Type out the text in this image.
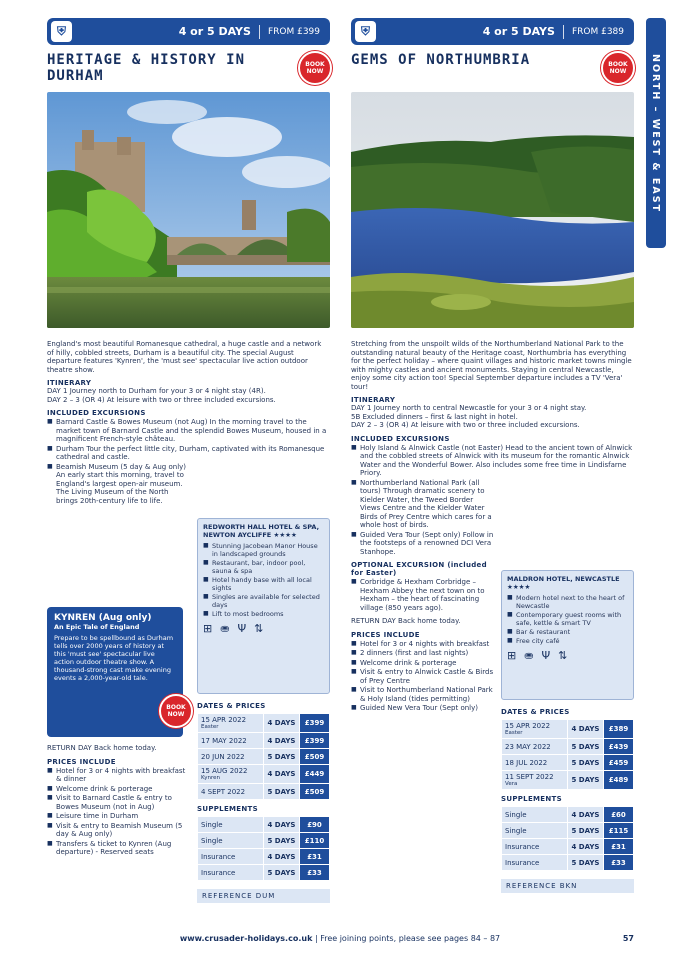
⛨	4 or 5 DAYS FROM £399
HERITAGE & HISTORY IN DURHAM
BOOK NOW

England's most beautiful Romanesque cathedral, a huge castle and a network of hilly, cobbled streets, Durham is a beautiful city. The special August departure features 'Kynren', the 'must see' spectacular live action outdoor theatre show.

ITINERARY

DAY 1 Journey north to Durham for your 3 or 4 night stay (4R).

DAY 2 – 3 (OR 4) At leisure with two or three included excursions.

INCLUDED EXCURSIONS
■ Barnard Castle & Bowes Museum (not Aug) In the morning travel to the market town of Barnard Castle and the splendid Bowes Museum, housed in a magnificent French-style château.
■ Durham Tour the perfect little city, Durham, captivated with its Romanesque cathedral and castle.
■ Beamish Museum (5 day & Aug only) An early start this morning, travel to England's largest open-air museum. The Living Museum of the North brings 20th-century life to life.
KYNREN (Aug only)
An Epic Tale of England
Prepare to be spellbound as Durham tells over 2000 years of history at this 'must see' spectacular live action outdoor theatre show. A thousand-strong cast make evening events a 2,000-year-old tale.
BOOK NOW

RETURN DAY Back home today.

PRICES INCLUDE
■ Hotel for 3 or 4 nights with breakfast & dinner
■ Welcome drink & porterage
■ Visit to Barnard Castle & entry to Bowes Museum (not in Aug)
■ Leisure time in Durham
■ Visit & entry to Beamish Museum (5 day & Aug only)
■ Transfers & ticket to Kynren (Aug departure) - Reserved seats
REDWORTH HALL HOTEL & SPA, NEWTON AYCLIFFE ★★★★
■ Stunning Jacobean Manor House in landscaped grounds
■ Restaurant, bar, indoor pool, sauna & spa
■ Hotel handy base with all local sights
■ Singles are available for selected days
■ Lift to most bedrooms
⊞ ⛂ Ψ ⇅
DATES & PRICES
15 APR 2022
Easter	4 DAYS	£399
17 MAY 2022	4 DAYS	£399
20 JUN 2022	5 DAYS	£509
15 AUG 2022
Kynren	4 DAYS	£449
4 SEPT 2022	5 DAYS	£509
SUPPLEMENTS
Single	4 DAYS	£90
Single	5 DAYS	£110
Insurance	4 DAYS	£31
Insurance	5 DAYS	£33
REFERENCE DUM
⛨	4 or 5 DAYS FROM £389
GEMS OF NORTHUMBRIA	BOOK NOW

Stretching from the unspoilt wilds of the Northumberland National Park to the outstanding natural beauty of the Heritage coast, Northumbria has everything for the perfect holiday – where quaint villages and historic market towns mingle with mighty castles and ancient monuments. Staying in central Newcastle, enjoy some city action too! Special September departure includes a TV 'Vera' tour!

ITINERARY

DAY 1 Journey north to central Newcastle for your 3 or 4 night stay.

5B Excluded dinners – first & last night in hotel.

DAY 2 – 3 (OR 4) At leisure with two or three included excursions.

INCLUDED EXCURSIONS
■ Holy Island & Alnwick Castle (not Easter) Head to the ancient town of Alnwick and the cobbled streets of Alnwick with its museum for the romantic Alnwick Water and the Wonderful Bower. Also includes some free time in Lindisfarne Priory.
■ Northumberland National Park (all tours) Through dramatic scenery to Kielder Water, the Tweed Border Views Centre and the Kielder Water Birds of Prey Centre which cares for a whole host of birds.
■ Guided Vera Tour (Sept only) Follow in the footsteps of a renowned DCI Vera Stanhope.
OPTIONAL EXCURSION (included for Easter)
■ Corbridge & Hexham Corbridge – Hexham Abbey the next town on to Hexham – the heart of fascinating village (850 years ago).

RETURN DAY Back home today.

PRICES INCLUDE
■ Hotel for 3 or 4 nights with breakfast
■ 2 dinners (first and last nights)
■ Welcome drink & porterage
■ Visit & entry to Alnwick Castle & Birds of Prey Centre
■ Visit to Northumberland National Park & Holy Island (tides permitting)
■ Guided New Vera Tour (Sept only)
MALDRON HOTEL, NEWCASTLE ★★★★
■ Modern hotel next to the heart of Newcastle
■ Contemporary guest rooms with safe, kettle & smart TV
■ Bar & restaurant
■ Free city café
⊞ ⛂ Ψ ⇅
DATES & PRICES
15 APR 2022
Easter	4 DAYS	£389
23 MAY 2022	5 DAYS	£439
18 JUL 2022	5 DAYS	£459
11 SEPT 2022
Vera	5 DAYS	£489
SUPPLEMENTS
Single	4 DAYS	£60
Single	5 DAYS	£115
Insurance	4 DAYS	£31
Insurance	5 DAYS	£33
REFERENCE BKN
NORTH – WEST & EAST
www.crusader-holidays.co.uk | Free joining points, please see pages 84 – 87	57
